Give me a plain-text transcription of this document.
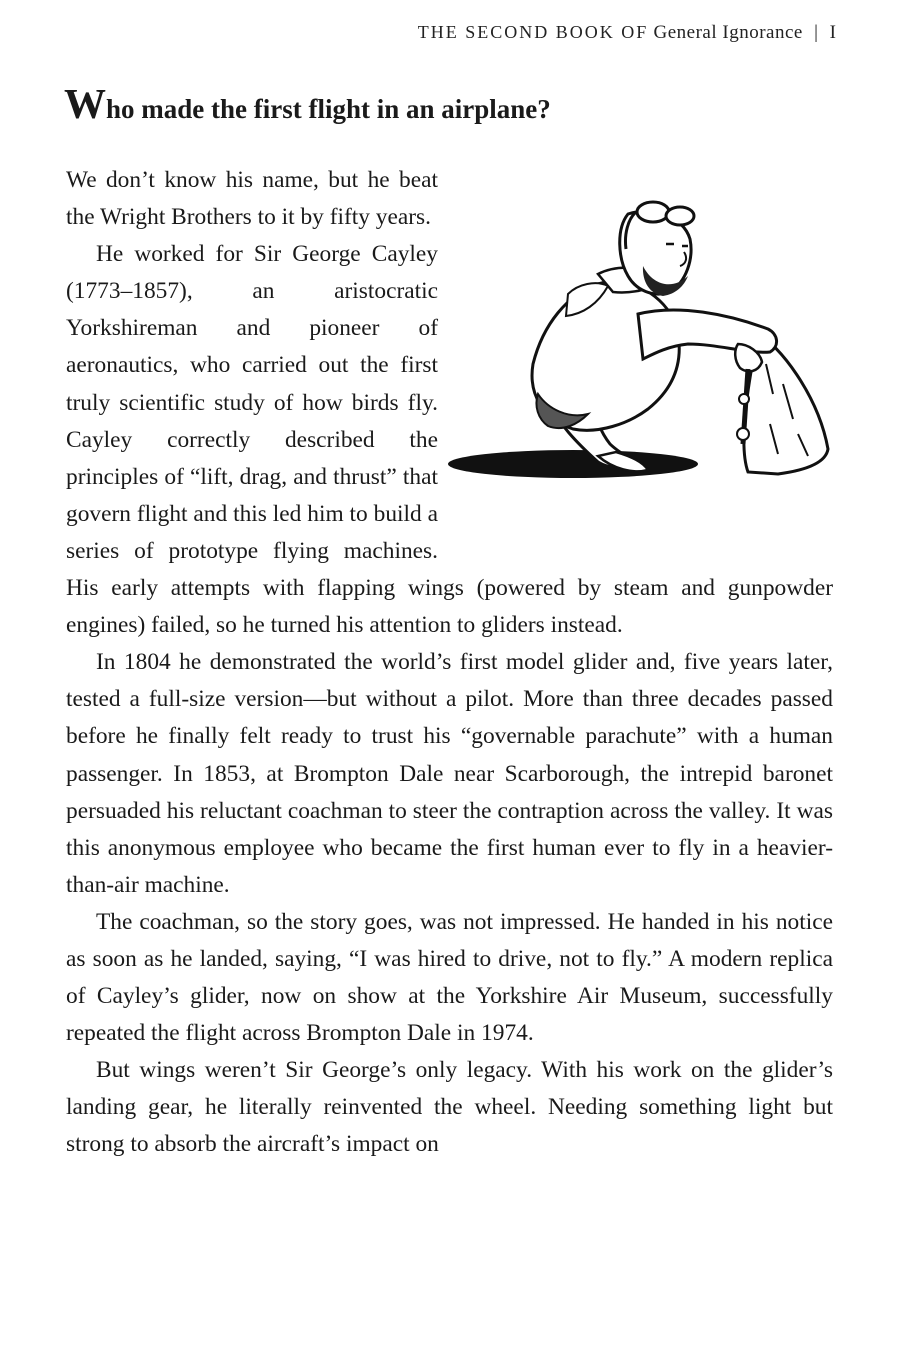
THE SECOND BOOK OF General Ignorance | I
Who made the first flight in an airplane?

We don’t know his name, but he beat the Wright Brothers to it by fifty years.

He worked for Sir George Cayley (1773–1857), an aristocratic Yorkshireman and pioneer of aeronautics, who carried out the first truly scientific study of how birds fly. Cayley correctly described the principles of “lift, drag, and thrust” that govern flight and this led him to build a series of prototype flying machines. His early attempts with flapping wings (powered by steam and gunpowder engines) failed, so he turned his attention to gliders instead.

In 1804 he demonstrated the world’s first model glider and, five years later, tested a full-size version—but without a pilot. More than three decades passed before he finally felt ready to trust his “governable parachute” with a human passenger. In 1853, at Brompton Dale near Scarborough, the intrepid baronet persuaded his reluctant coachman to steer the contraption across the valley. It was this anonymous employee who became the first human ever to fly in a heavier-than-air machine.

The coachman, so the story goes, was not impressed. He handed in his notice as soon as he landed, saying, “I was hired to drive, not to fly.” A modern replica of Cayley’s glider, now on show at the Yorkshire Air Museum, successfully repeated the flight across Brompton Dale in 1974.

But wings weren’t Sir George’s only legacy. With his work on the glider’s landing gear, he literally reinvented the wheel. Needing something light but strong to absorb the aircraft’s impact on
